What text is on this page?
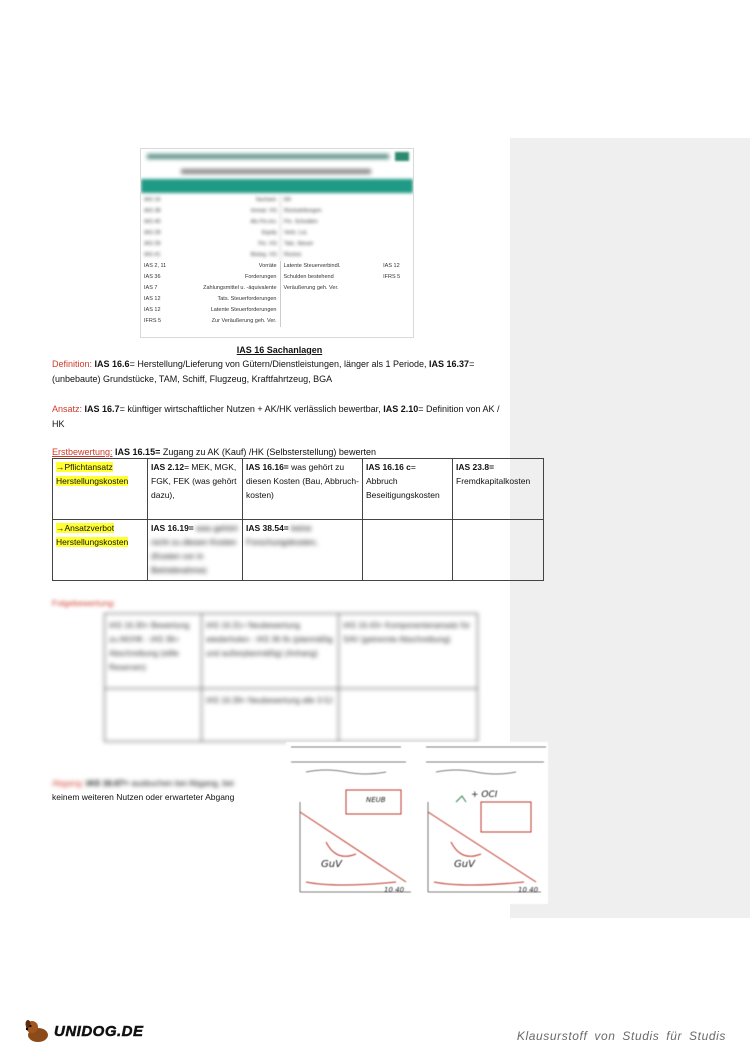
IAS 16	Sachanl.	EK
IAS 38	Immat. VG	Rückstellungen
IAS 40	Als Fin.inv.	Fin. Schulden
IAS 28	Equity	Verb. LuL
IAS 39	Fin. VG	Tats. Steuer
IAS 41	Biolog. VG	Rückst.
IAS 2, 11	Vorräte	Latente Steuerverbindl.	IAS 12
IAS 36	Forderungen	Schulden bestehend	IFRS 5
IAS 7	Zahlungsmittel u. -äquivalente	Veräußerung geh. Ver.
IAS 12	Tats. Steuerforderungen
IAS 12	Latente Steuerforderungen
IFRS 5	Zur Veräußerung geh. Ver.
IAS 16 Sachanlagen
Definition: IAS 16.6= Herstellung/Lieferung von Gütern/Dienstleistungen, länger als 1 Periode, IAS 16.37= (unbebaute) Grundstücke, TAM, Schiff, Flugzeug, Kraftfahrtzeug, BGA
Ansatz: IAS 16.7= künftiger wirtschaftlicher Nutzen + AK/HK verlässlich bewertbar, IAS 2.10= Definition von AK / HK
Erstbewertung: IAS 16.15= Zugang zu AK (Kauf) /HK (Selbsterstellung) bewerten
→Pflichtansatz Herstellungskosten	IAS 2.12= MEK, MGK, FGK, FEK (was gehört dazu),	IAS 16.16= was gehört zu diesen Kosten (Bau, Abbruch-kosten)	IAS 16.16 c= Abbruch Beseitigungskosten	IAS 23.8= Fremdkapitalkosten
→Ansatzverbot Herstellungskosten	IAS 16.19= was gehört nicht zu diesen Kosten (Kosten vor in Betriebnahme)	IAS 38.54= keine Forschungskosten,		
Folgebewertung:
IAS 16.30= Bewertung zu AK/HK - IAS 36= Abschreibung (stille Reserven)	IAS 16.31= Neubewertung wiederholen - IAS 36 ifs (planmäßig und außerplanmäßig) (Anhang)	IAS 16.43= Komponentenansatz für SAV (getrennte Abschreibung)
	IAS 16.39= Neubewertung alle 3-5J	
Abgang: IAS 16.67= ausbuchen bei Abgang, bei
keinem weiteren Nutzen oder erwarteter Abgang	NEUB
GuV	GuV
+ OCI
10 40	10 40
UNIDOG.DE	Klausurstoff von Studis für Studis
